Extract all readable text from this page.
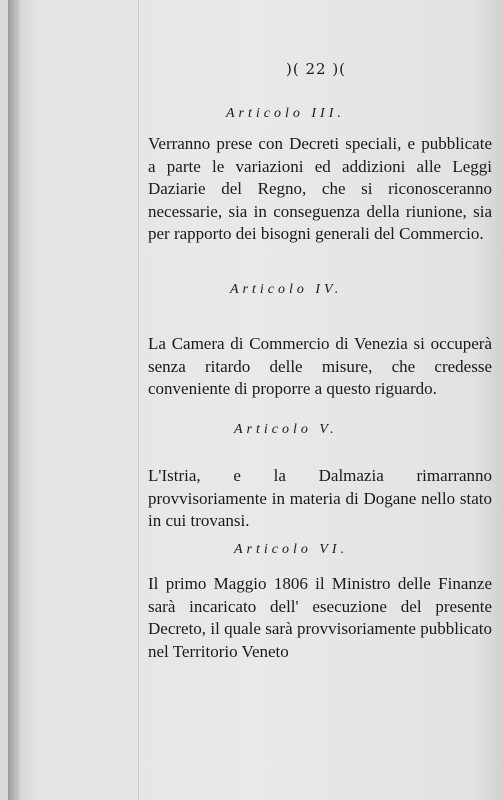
)( 22 )(
Articolo III.
Verranno prese con Decreti speciali, e pubblicate a parte le variazioni ed addizioni alle Leggi Daziarie del Regno, che si riconosceranno necessarie, sia in conseguenza della riunione, sia per rapporto dei bisogni generali del Commercio.
Articolo IV.
La Camera di Commercio di Venezia si occuperà senza ritardo delle misure, che credesse conveniente di proporre a questo riguardo.
Articolo V.
L'Istria, e la Dalmazia rimarranno provvisoriamente in materia di Dogane nello stato in cui trovansi.
Articolo VI.
Il primo Maggio 1806 il Ministro delle Finanze sarà incaricato dell' esecuzione del presente Decreto, il quale sarà provvisoriamente pubblicato nel Territorio Veneto
